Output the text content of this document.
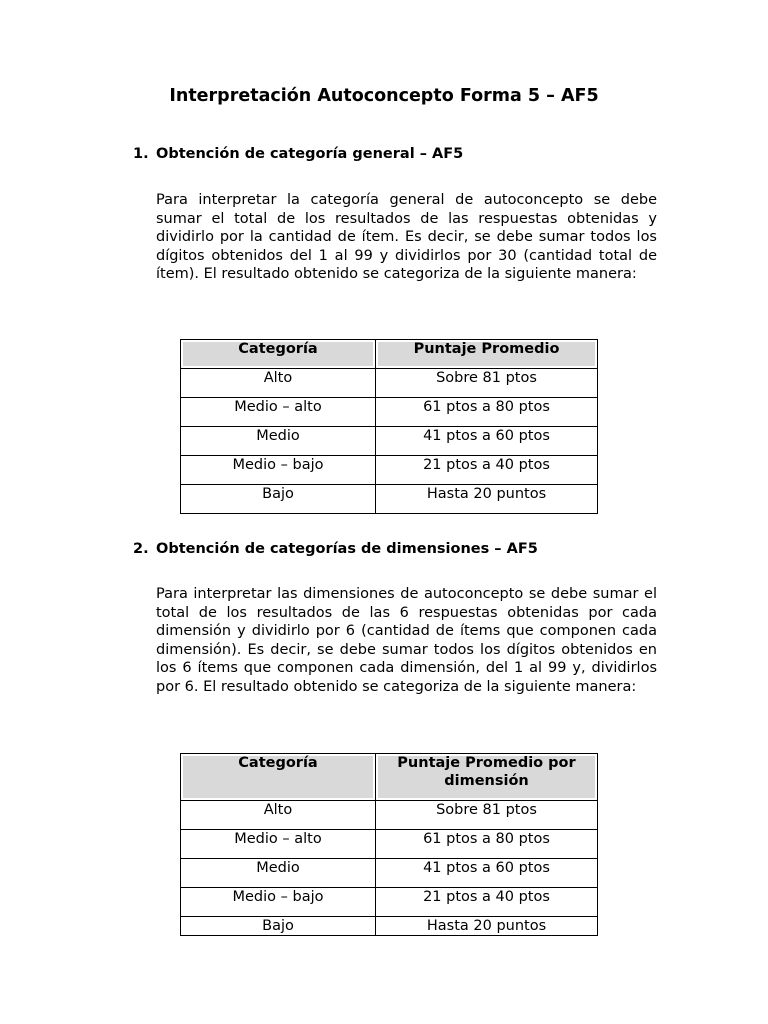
Interpretación Autoconcepto Forma 5 – AF5
1. Obtención de categoría general – AF5

Para interpretar la categoría general de autoconcepto se debe sumar el total de los resultados de las respuestas obtenidas y dividirlo por la cantidad de ítem. Es decir, se debe sumar todos los dígitos obtenidos del 1 al 99 y dividirlos por 30 (cantidad total de ítem). El resultado obtenido se categoriza de la siguiente manera:

Categoría	Puntaje Promedio
Alto	Sobre 81 ptos
Medio – alto	61 ptos a 80 ptos
Medio	41 ptos a 60 ptos
Medio – bajo	21 ptos a 40 ptos
Bajo	Hasta 20 puntos
2. Obtención de categorías de dimensiones – AF5

Para interpretar las dimensiones de autoconcepto se debe sumar el total de los resultados de las 6 respuestas obtenidas por cada dimensión y dividirlo por 6 (cantidad de ítems que componen cada dimensión). Es decir, se debe sumar todos los dígitos obtenidos en los 6 ítems que componen cada dimensión, del 1 al 99 y, dividirlos por 6. El resultado obtenido se categoriza de la siguiente manera:

Categoría	Puntaje Promedio por dimensión
Alto	Sobre 81 ptos
Medio – alto	61 ptos a 80 ptos
Medio	41 ptos a 60 ptos
Medio – bajo	21 ptos a 40 ptos
Bajo	Hasta 20 puntos
